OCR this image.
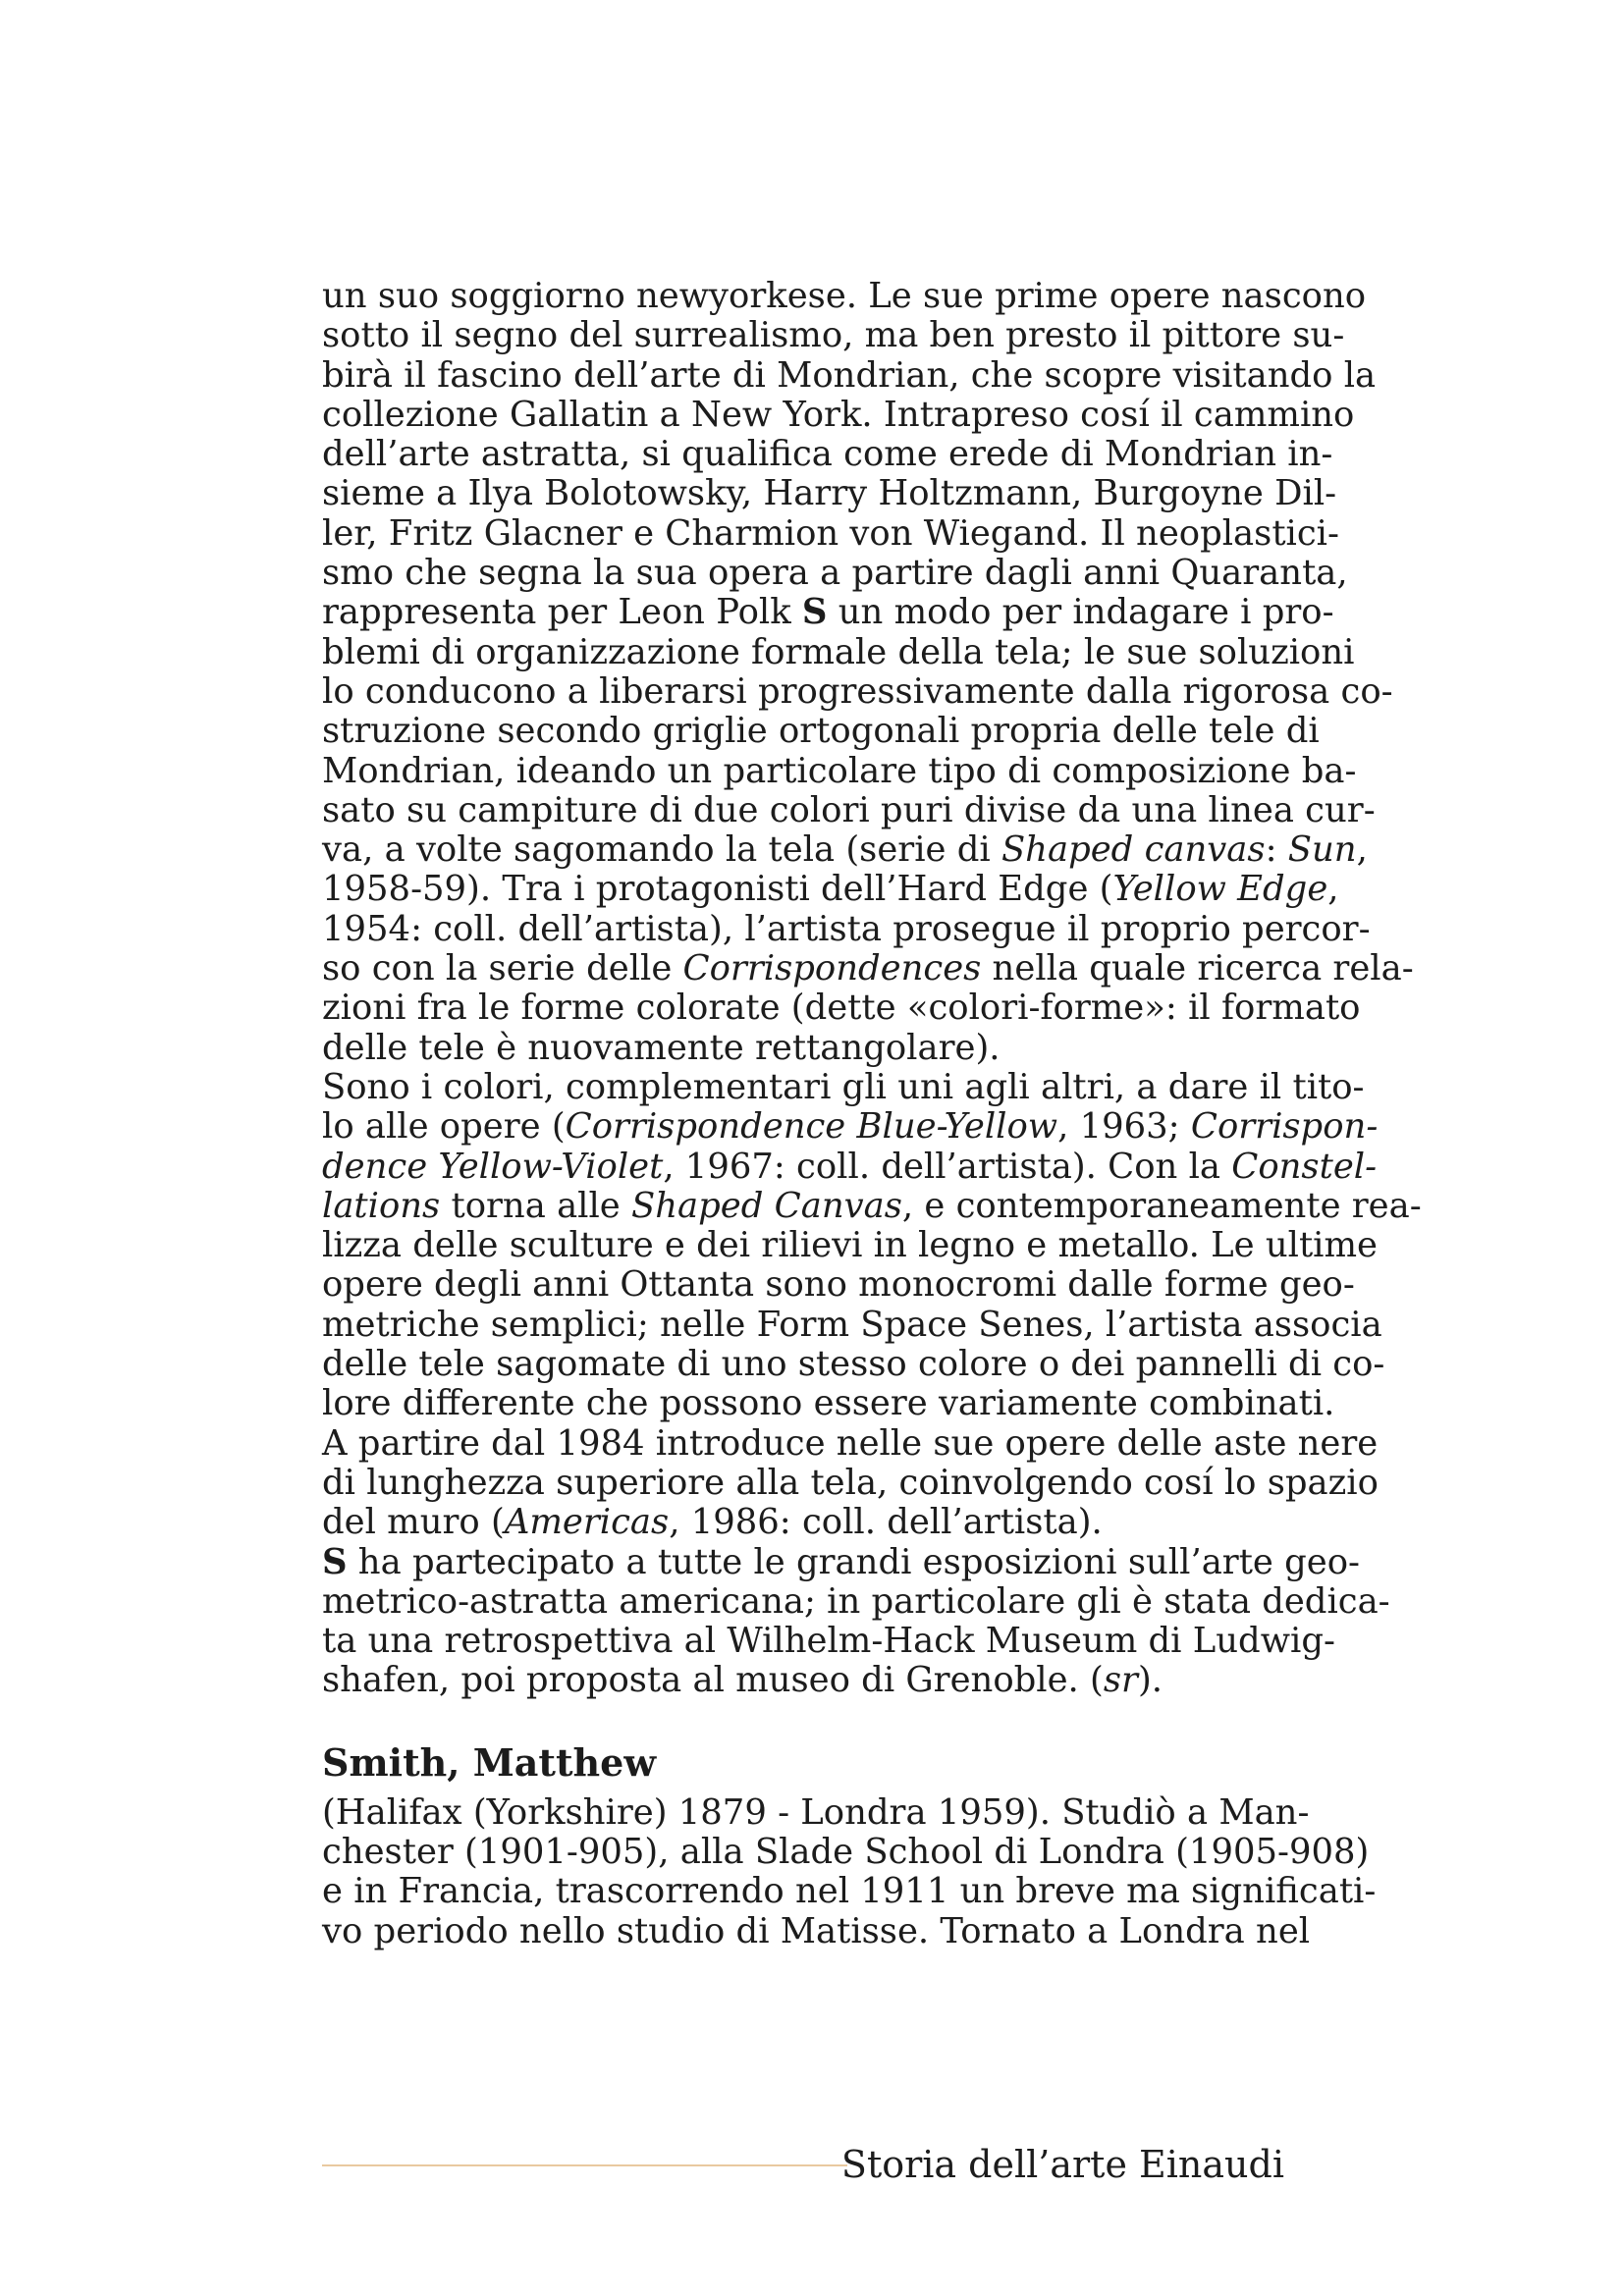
un suo soggiorno newyorkese. Le sue prime opere nascono
sotto il segno del surrealismo, ma ben presto il pittore su-
birà il fascino dell’arte di Mondrian, che scopre visitando la
collezione Gallatin a New York. Intrapreso cosí il cammino
dell’arte astratta, si qualifica come erede di Mondrian in-
sieme a Ilya Bolotowsky, Harry Holtzmann, Burgoyne Dil-
ler, Fritz Glacner e Charmion von Wiegand. Il neoplastici-
smo che segna la sua opera a partire dagli anni Quaranta,
rappresenta per Leon Polk S un modo per indagare i pro-
blemi di organizzazione formale della tela; le sue soluzioni
lo conducono a liberarsi progressivamente dalla rigorosa co-
struzione secondo griglie ortogonali propria delle tele di
Mondrian, ideando un particolare tipo di composizione ba-
sato su campiture di due colori puri divise da una linea cur-
va, a volte sagomando la tela (serie di Shaped canvas: Sun,
1958-59). Tra i protagonisti dell’Hard Edge (Yellow Edge,
1954: coll. dell’artista), l’artista prosegue il proprio percor-
so con la serie delle Corrispondences nella quale ricerca rela-
zioni fra le forme colorate (dette «colori-forme»: il formato
delle tele è nuovamente rettangolare).
Sono i colori, complementari gli uni agli altri, a dare il tito-
lo alle opere (Corrispondence Blue-Yellow, 1963; Corrispon-
dence Yellow-Violet, 1967: coll. dell’artista). Con la Constel-
lations torna alle Shaped Canvas, e contemporaneamente rea-
lizza delle sculture e dei rilievi in legno e metallo. Le ultime
opere degli anni Ottanta sono monocromi dalle forme geo-
metriche semplici; nelle Form Space Senes, l’artista associa
delle tele sagomate di uno stesso colore o dei pannelli di co-
lore differente che possono essere variamente combinati.
A partire dal 1984 introduce nelle sue opere delle aste nere
di lunghezza superiore alla tela, coinvolgendo cosí lo spazio
del muro (Americas, 1986: coll. dell’artista).
S ha partecipato a tutte le grandi esposizioni sull’arte geo-
metrico-astratta americana; in particolare gli è stata dedica-
ta una retrospettiva al Wilhelm-Hack Museum di Ludwig-
shafen, poi proposta al museo di Grenoble. (sr).
Smith, Matthew
(Halifax (Yorkshire) 1879 - Londra 1959). Studiò a Man-
chester (1901-905), alla Slade School di Londra (1905-908)
e in Francia, trascorrendo nel 1911 un breve ma significati-
vo periodo nello studio di Matisse. Tornato a Londra nel
Storia dell’arte Einaudi
